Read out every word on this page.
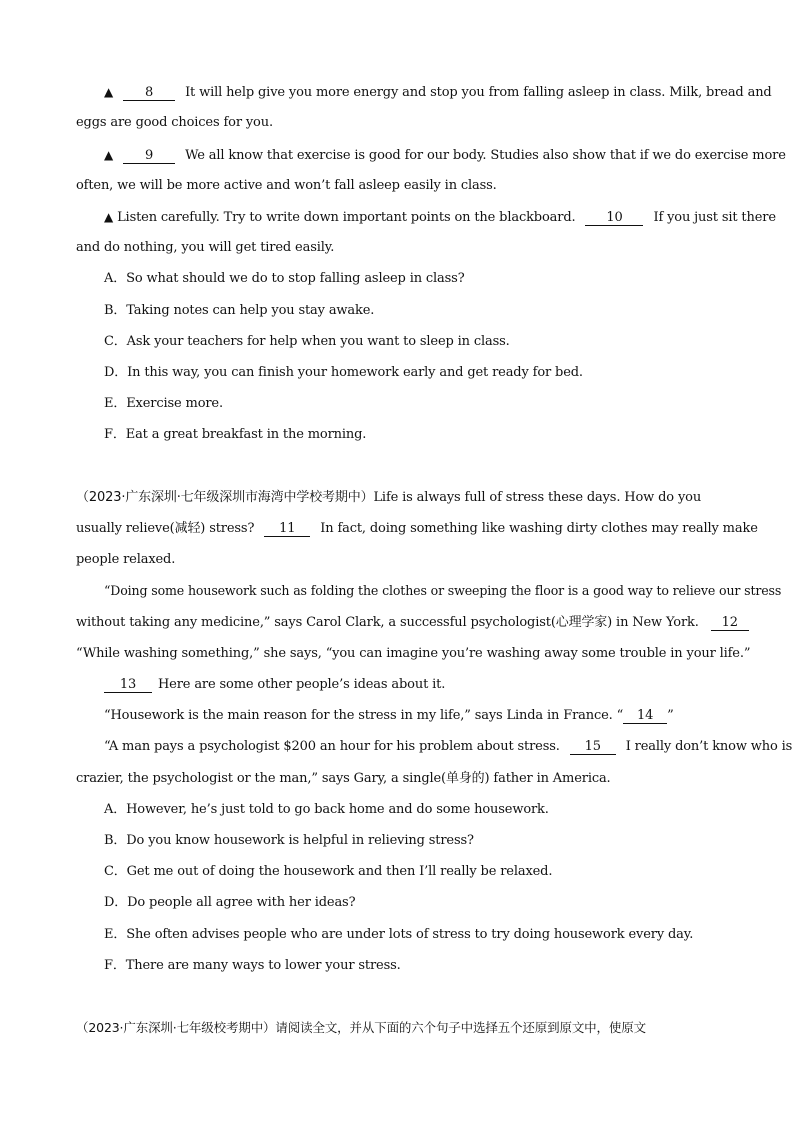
▲ 8 It will help give you more energy and stop you from falling asleep in class. Milk, bread and
eggs are good choices for you.
▲ 9 We all know that exercise is good for our body. Studies also show that if we do exercise more
often, we will be more active and won’t fall asleep easily in class.
▲ Listen carefully. Try to write down important points on the blackboard. 10 If you just sit there
and do nothing, you will get tired easily.
A．So what should we do to stop falling asleep in class?
B．Taking notes can help you stay awake.
C．Ask your teachers for help when you want to sleep in class.
D．In this way, you can finish your homework early and get ready for bed.
E．Exercise more.
F．Eat a great breakfast in the morning.
（2023·广东深圳·七年级深圳市海湾中学校考期中）Life is always full of stress these days. How do you
usually relieve(减轻) stress? 11 In fact, doing something like washing dirty clothes may really make
people relaxed.
“Doing some housework such as folding the clothes or sweeping the floor is a good way to relieve our stress
without taking any medicine,” says Carol Clark, a successful psychologist(心理学家) in New York. 12
“While washing something,” she says, “you can imagine you’re washing away some trouble in your life.”
13 Here are some other people’s ideas about it.
“Housework is the main reason for the stress in my life,” says Linda in France. “ 14 ”
“A man pays a psychologist $200 an hour for his problem about stress. 15 I really don’t know who is
crazier, the psychologist or the man,” says Gary, a single(单身的) father in America.
A．However, he’s just told to go back home and do some housework.
B．Do you know housework is helpful in relieving stress?
C．Get me out of doing the housework and then I’ll really be relaxed.
D．Do people all agree with her ideas?
E．She often advises people who are under lots of stress to try doing housework every day.
F．There are many ways to lower your stress.
（2023·广东深圳·七年级校考期中）请阅读全文，并从下面的六个句子中选择五个还原到原文中，使原文
